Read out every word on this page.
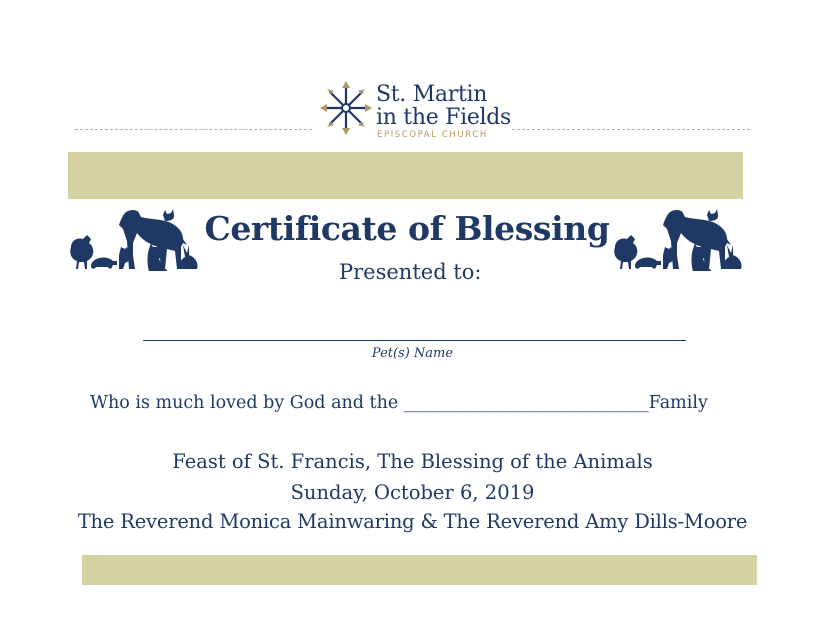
St. Martin
in the Fields
EPISCOPAL CHURCH
Certificate of Blessing
Presented to:
Pet(s) Name
Who is much loved by God and the ____________________________Family
Feast of St. Francis, The Blessing of the Animals
Sunday, October 6, 2019
The Reverend Monica Mainwaring & The Reverend Amy Dills-Moore
